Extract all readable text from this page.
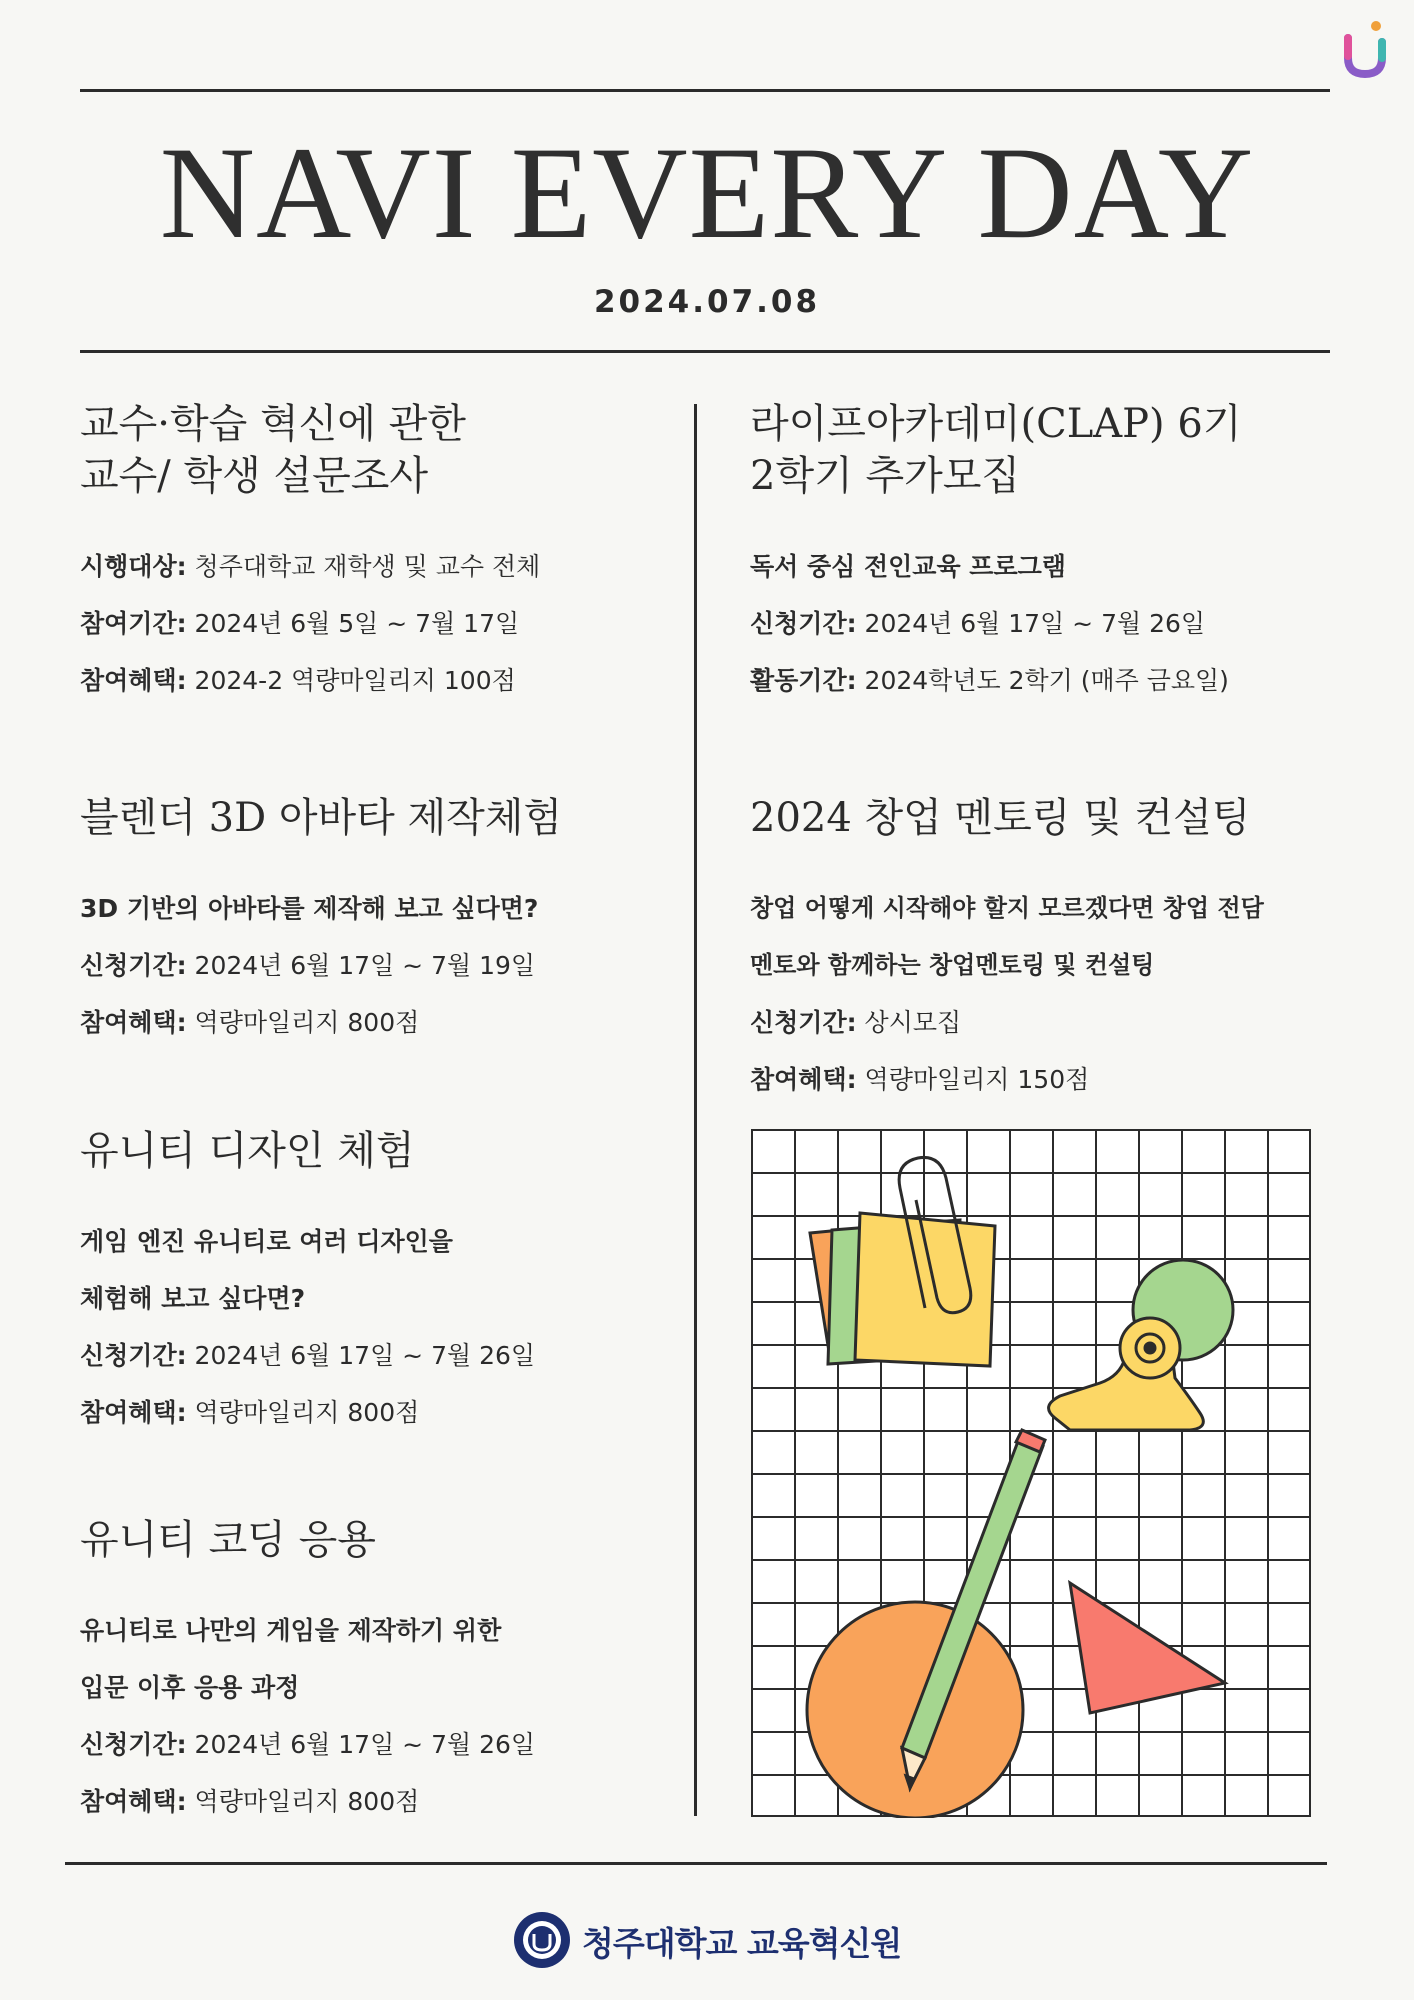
NAVI EVERY DAY
2024.07.08
교수·학습 혁신에 관한
교수/ 학생 설문조사
시행대상: 청주대학교 재학생 및 교수 전체
참여기간: 2024년 6월 5일 ~ 7월 17일
참여혜택: 2024-2 역량마일리지 100점
블렌더 3D 아바타 제작체험
3D 기반의 아바타를 제작해 보고 싶다면?
신청기간: 2024년 6월 17일 ~ 7월 19일
참여혜택: 역량마일리지 800점
유니티 디자인 체험
게임 엔진 유니티로 여러 디자인을
체험해 보고 싶다면?
신청기간: 2024년 6월 17일 ~ 7월 26일
참여혜택: 역량마일리지 800점
유니티 코딩 응용
유니티로 나만의 게임을 제작하기 위한
입문 이후 응용 과정
신청기간: 2024년 6월 17일 ~ 7월 26일
참여혜택: 역량마일리지 800점
라이프아카데미(CLAP) 6기
2학기 추가모집
독서 중심 전인교육 프로그램
신청기간: 2024년 6월 17일 ~ 7월 26일
활동기간: 2024학년도 2학기 (매주 금요일)
2024 창업 멘토링 및 컨설팅
창업 어떻게 시작해야 할지 모르겠다면 창업 전담
멘토와 함께하는 창업멘토링 및 컨설팅
신청기간: 상시모집
참여혜택: 역량마일리지 150점
청주대학교 교육혁신원
